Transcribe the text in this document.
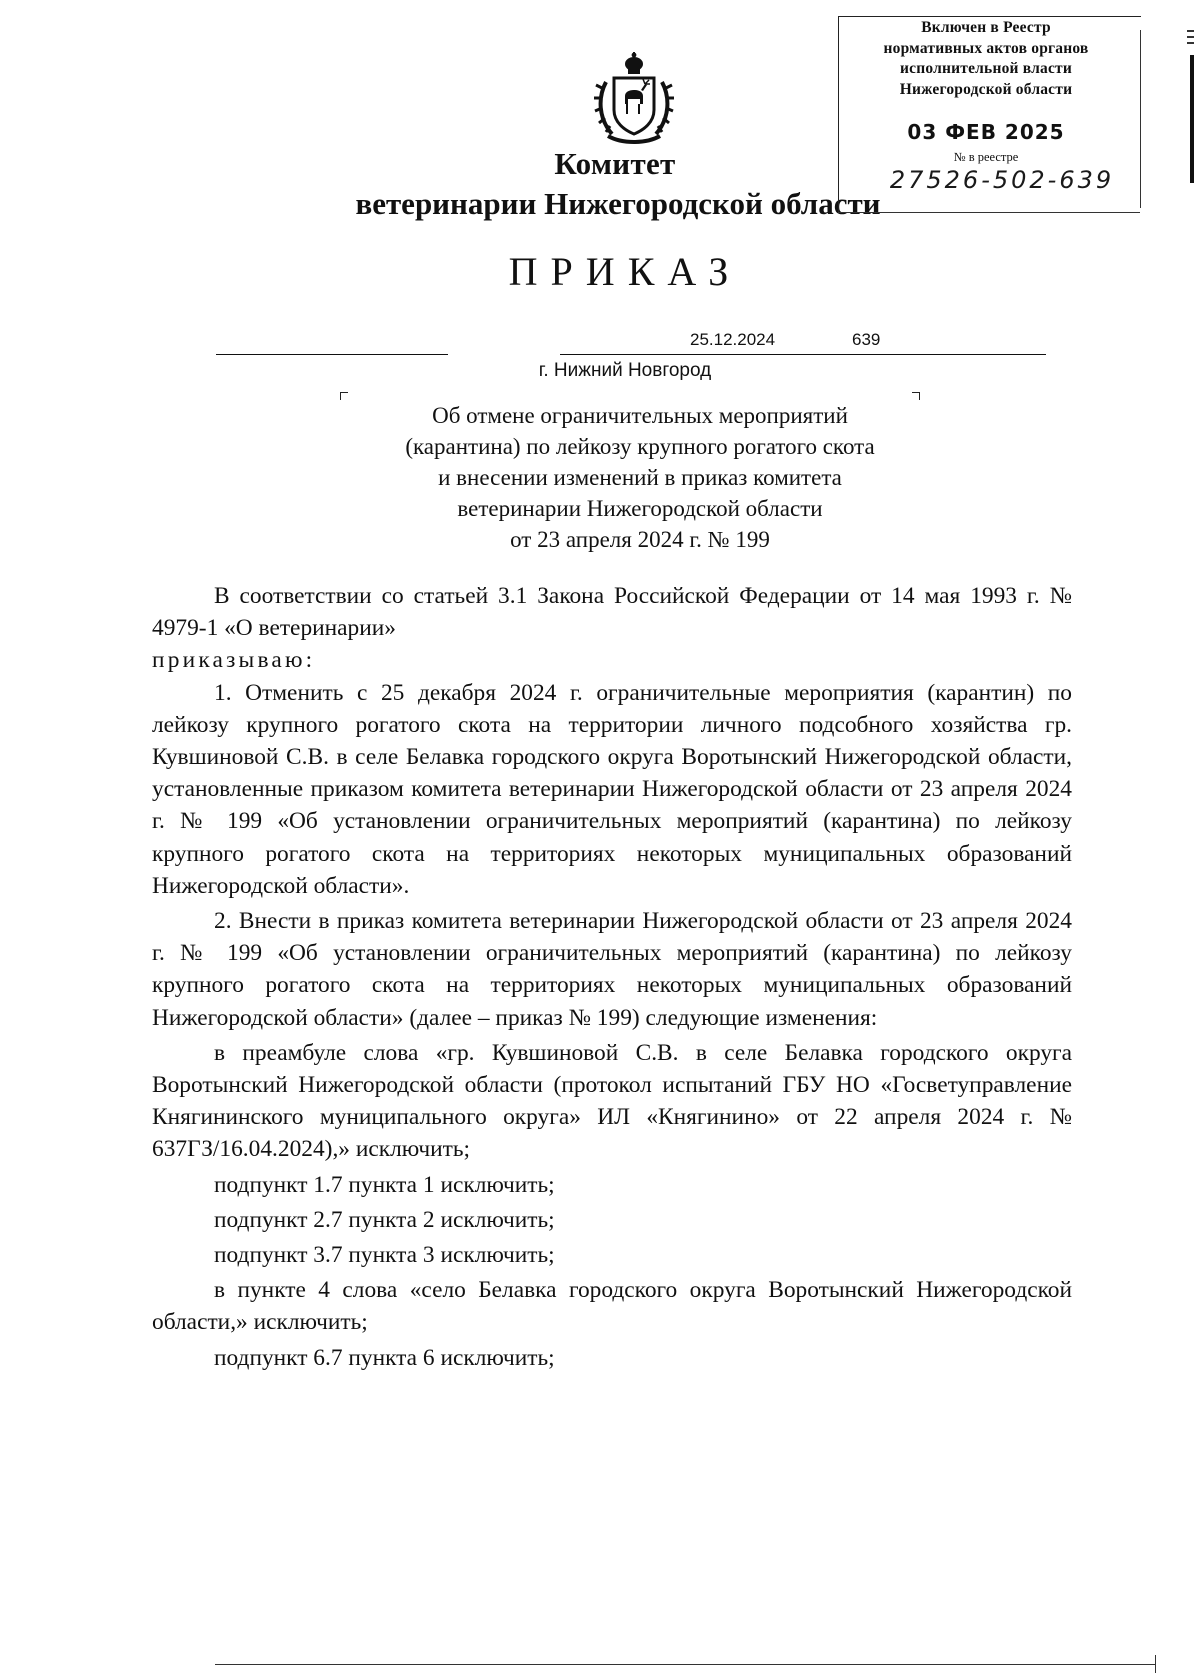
Комитет
ветеринарии Нижегородской области
ПРИКАЗ
25.12.2024	639
г. Нижний Новгород
Об отмене ограничительных мероприятий
(карантина) по лейкозу крупного рогатого скота
и внесении изменений в приказ комитета
ветеринарии Нижегородской области
от 23 апреля 2024 г. № 199

В соответствии со статьей 3.1 Закона Российской Федерации от 14 мая 1993 г. № 4979-1 «О ветеринарии»

приказываю:

1. Отменить с 25 декабря 2024 г. ограничительные мероприятия (карантин) по лейкозу крупного рогатого скота на территории личного подсобного хозяйства гр. Кувшиновой С.В. в селе Белавка городского округа Воротынский Нижегородской области, установленные приказом комитета ветеринарии Нижегородской области от 23 апреля 2024 г. № 199 «Об установлении ограничительных мероприятий (карантина) по лейкозу крупного рогатого скота на территориях некоторых муниципальных образований Нижегородской области».

2. Внести в приказ комитета ветеринарии Нижегородской области от 23 апреля 2024 г. № 199 «Об установлении ограничительных мероприятий (карантина) по лейкозу крупного рогатого скота на территориях некоторых муниципальных образований Нижегородской области» (далее – приказ № 199) следующие изменения:

в преамбуле слова «гр. Кувшиновой С.В. в селе Белавка городского округа Воротынский Нижегородской области (протокол испытаний ГБУ НО «Госветуправление Княгининского муниципального округа» ИЛ «Княгинино» от 22 апреля 2024 г. № 637ГЗ/16.04.2024),» исключить;

подпункт 1.7 пункта 1 исключить;

подпункт 2.7 пункта 2 исключить;

подпункт 3.7 пункта 3 исключить;

в пункте 4 слова «село Белавка городского округа Воротынский Нижегородской области,» исключить;

подпункт 6.7 пункта 6 исключить;

Включен в Реестр
нормативных актов органов
исполнительной власти
Нижегородской области
03 ФЕВ 2025
№ в реестре
27526-502-639
